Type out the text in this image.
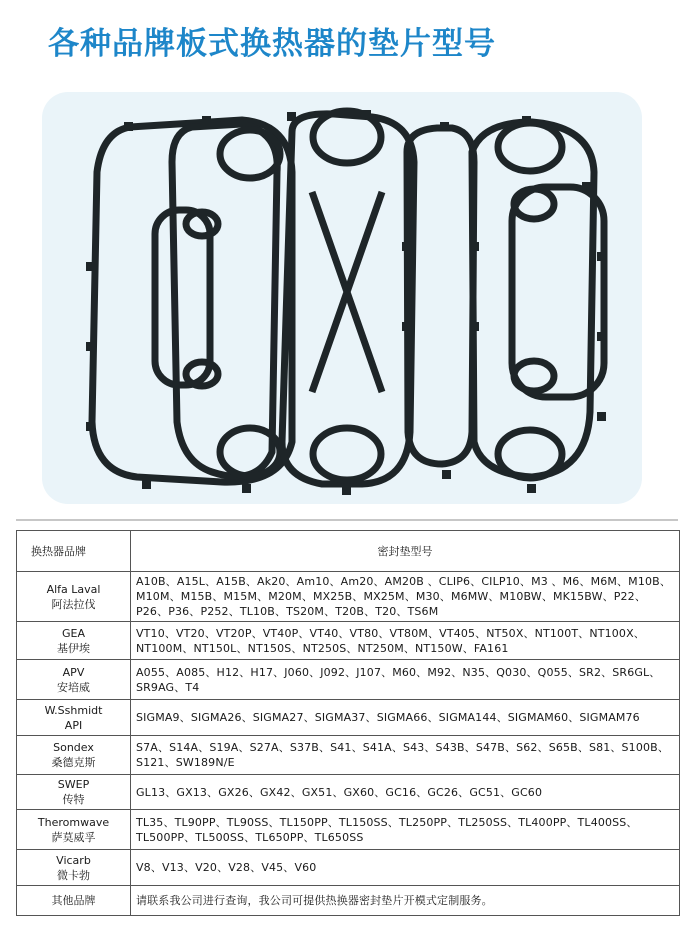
各种品牌板式换热器的垫片型号
换热器品牌	密封垫型号

Alfa Laval
阿法拉伐	A10B、A15L、A15B、Ak20、Am10、Am20、AM20B 、CLIP6、CILP10、M3 、M6、M6M、M10B、M10M、M15B、M15M、M20M、MX25B、MX25M、M30、M6MW、M10BW、MK15BW、P22、P26、P36、P252、TL10B、TS20M、T20B、T20、TS6M

GEA
基伊埃	VT10、VT20、VT20P、VT40P、VT40、VT80、VT80M、VT405、NT50X、NT100T、NT100X、NT100M、NT150L、NT150S、NT250S、NT250M、NT150W、FA161

APV
安培威	A055、A085、H12、H17、J060、J092、J107、M60、M92、N35、Q030、Q055、SR2、SR6GL、SR9AG、T4

W.Sshmidt
API	SIGMA9、SIGMA26、SIGMA27、SIGMA37、SIGMA66、SIGMA144、SIGMAM60、SIGMAM76

Sondex
桑德克斯	S7A、S14A、S19A、S27A、S37B、S41、S41A、S43、S43B、S47B、S62、S65B、S81、S100B、S121、SW189N/E

SWEP
传特	GL13、GX13、GX26、GX42、GX51、GX60、GC16、GC26、GC51、GC60

Theromwave
萨莫威孚	TL35、TL90PP、TL90SS、TL150PP、TL150SS、TL250PP、TL250SS、TL400PP、TL400SS、TL500PP、TL500SS、TL650PP、TL650SS

Vicarb
微卡勃	V8、V13、V20、V28、V45、V60
其他品牌	请联系我公司进行查询，我公司可提供热换器密封垫片开模式定制服务。
